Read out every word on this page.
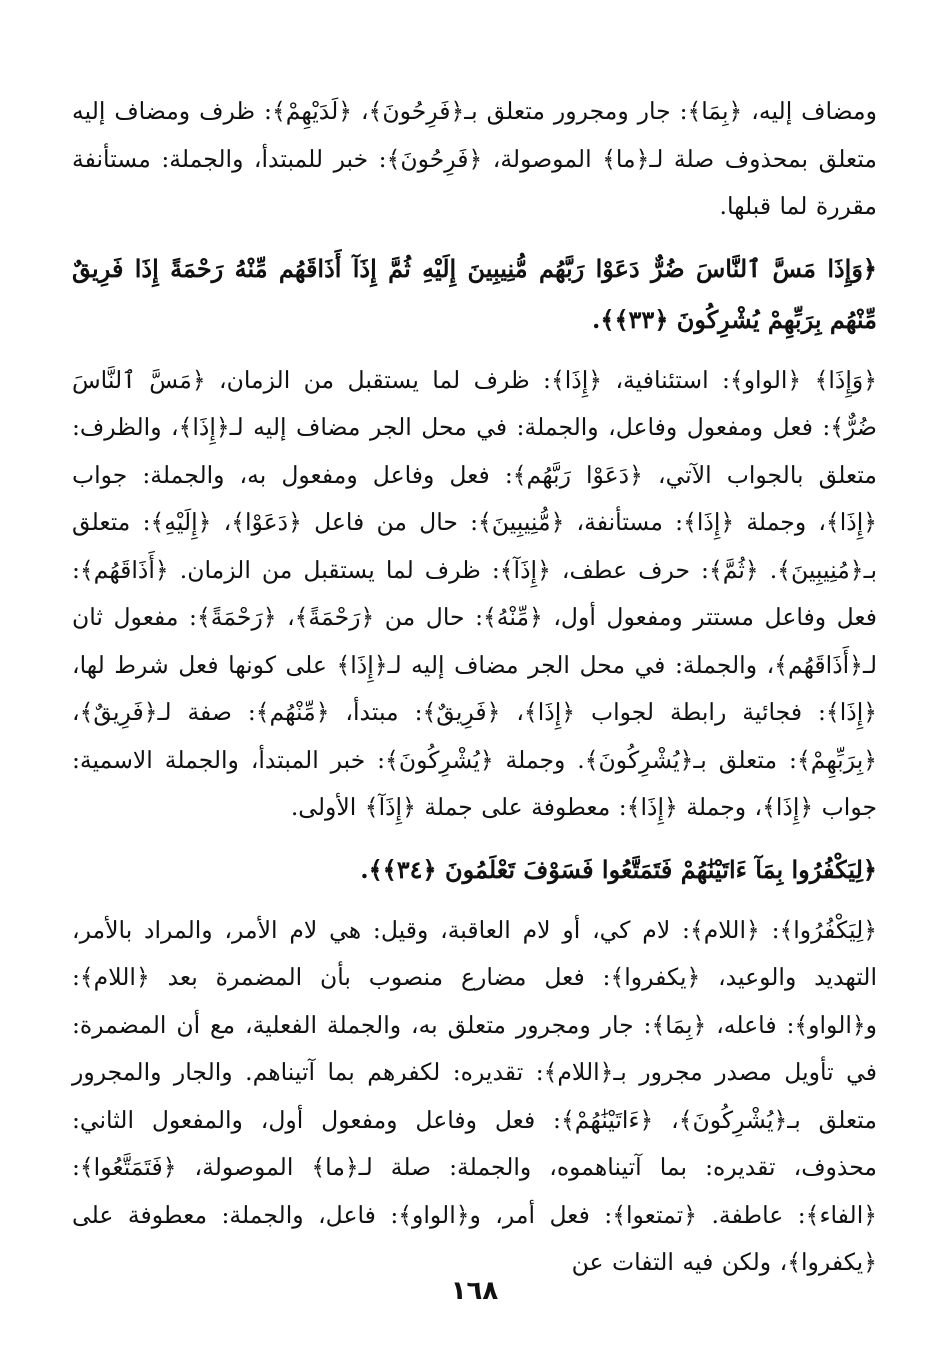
ومضاف إليه، ﴿بِمَا﴾: جار ومجرور متعلق بـ﴿فَرِحُونَ﴾، ﴿لَدَيْهِمْ﴾: ظرف ومضاف إليه متعلق بمحذوف صلة لـ﴿ما﴾ الموصولة، ﴿فَرِحُونَ﴾: خبر للمبتدأ، والجملة: مستأنفة مقررة لما قبلها.

﴿وَإِذَا مَسَّ ٱلنَّاسَ ضُرٌّ دَعَوْا رَبَّهُم مُّنِيبِينَ إِلَيْهِ ثُمَّ إِذَآ أَذَاقَهُم مِّنْهُ رَحْمَةً إِذَا فَرِيقٌ مِّنْهُم بِرَبِّهِمْ يُشْرِكُونَ ﴿٣٣﴾﴾.

﴿وَإِذَا﴾ ﴿الواو﴾: استئنافية، ﴿إِذَا﴾: ظرف لما يستقبل من الزمان، ﴿مَسَّ ٱلنَّاسَ ضُرٌّ﴾: فعل ومفعول وفاعل، والجملة: في محل الجر مضاف إليه لـ﴿إِذَا﴾، والظرف: متعلق بالجواب الآتي، ﴿دَعَوْا رَبَّهُم﴾: فعل وفاعل ومفعول به، والجملة: جواب ﴿إِذَا﴾، وجملة ﴿إِذَا﴾: مستأنفة، ﴿مُّنِيبِينَ﴾: حال من فاعل ﴿دَعَوْا﴾، ﴿إِلَيْهِ﴾: متعلق بـ﴿مُنِيبِينَ﴾. ﴿ثُمَّ﴾: حرف عطف، ﴿إِذَآ﴾: ظرف لما يستقبل من الزمان. ﴿أَذَاقَهُم﴾: فعل وفاعل مستتر ومفعول أول، ﴿مِّنْهُ﴾: حال من ﴿رَحْمَةً﴾، ﴿رَحْمَةً﴾: مفعول ثان لـ﴿أَذَاقَهُم﴾، والجملة: في محل الجر مضاف إليه لـ﴿إِذَا﴾ على كونها فعل شرط لها، ﴿إِذَا﴾: فجائية رابطة لجواب ﴿إِذَا﴾، ﴿فَرِيقٌ﴾: مبتدأ، ﴿مِّنْهُم﴾: صفة لـ﴿فَرِيقٌ﴾، ﴿بِرَبِّهِمْ﴾: متعلق بـ﴿يُشْرِكُونَ﴾. وجملة ﴿يُشْرِكُونَ﴾: خبر المبتدأ، والجملة الاسمية: جواب ﴿إِذَا﴾، وجملة ﴿إِذَا﴾: معطوفة على جملة ﴿إِذَآ﴾ الأولى.

﴿لِيَكْفُرُوا بِمَآ ءَاتَيْنَٰهُمْ فَتَمَتَّعُوا فَسَوْفَ تَعْلَمُونَ ﴿٣٤﴾﴾.

﴿لِيَكْفُرُوا﴾: ﴿اللام﴾: لام كي، أو لام العاقبة، وقيل: هي لام الأمر، والمراد بالأمر، التهديد والوعيد، ﴿يكفروا﴾: فعل مضارع منصوب بأن المضمرة بعد ﴿اللام﴾: و﴿الواو﴾: فاعله، ﴿بِمَا﴾: جار ومجرور متعلق به، والجملة الفعلية، مع أن المضمرة: في تأويل مصدر مجرور بـ﴿اللام﴾: تقديره: لكفرهم بما آتيناهم. والجار والمجرور متعلق بـ﴿يُشْرِكُونَ﴾، ﴿ءَاتَيْنَٰهُمْ﴾: فعل وفاعل ومفعول أول، والمفعول الثاني: محذوف، تقديره: بما آتيناهموه، والجملة: صلة لـ﴿ما﴾ الموصولة، ﴿فَتَمَتَّعُوا﴾: ﴿الفاء﴾: عاطفة. ﴿تمتعوا﴾: فعل أمر، و﴿الواو﴾: فاعل، والجملة: معطوفة على ﴿يكفروا﴾، ولكن فيه التفات عن

١٦٨
